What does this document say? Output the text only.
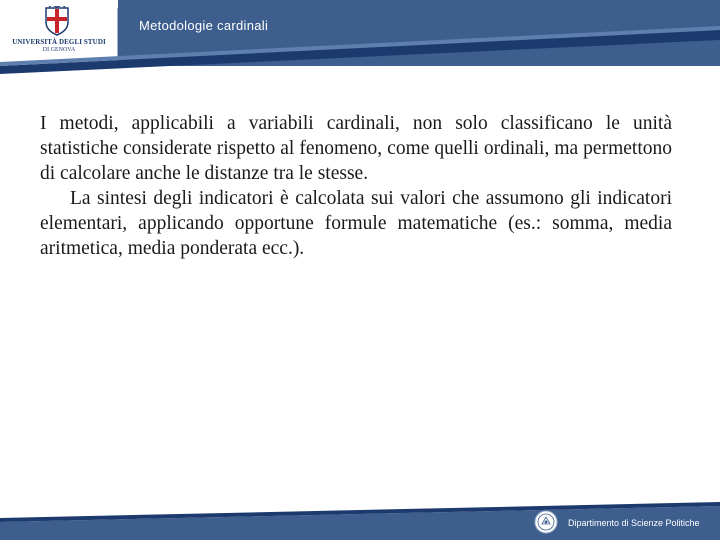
UNIVERSITÀ DEGLI STUDI
DI GENOVA
Metodologie cardinali

I metodi, applicabili a variabili cardinali, non solo classificano le unità statistiche considerate rispetto al fenomeno, come quelli ordinali, ma permettono di calcolare anche le distanze tra le stesse.

La sintesi degli indicatori è calcolata sui valori che assumono gli indicatori elementari, applicando opportune formule matematiche (es.: somma, media aritmetica, media ponderata ecc.).

Dipartimento di Scienze Politiche
